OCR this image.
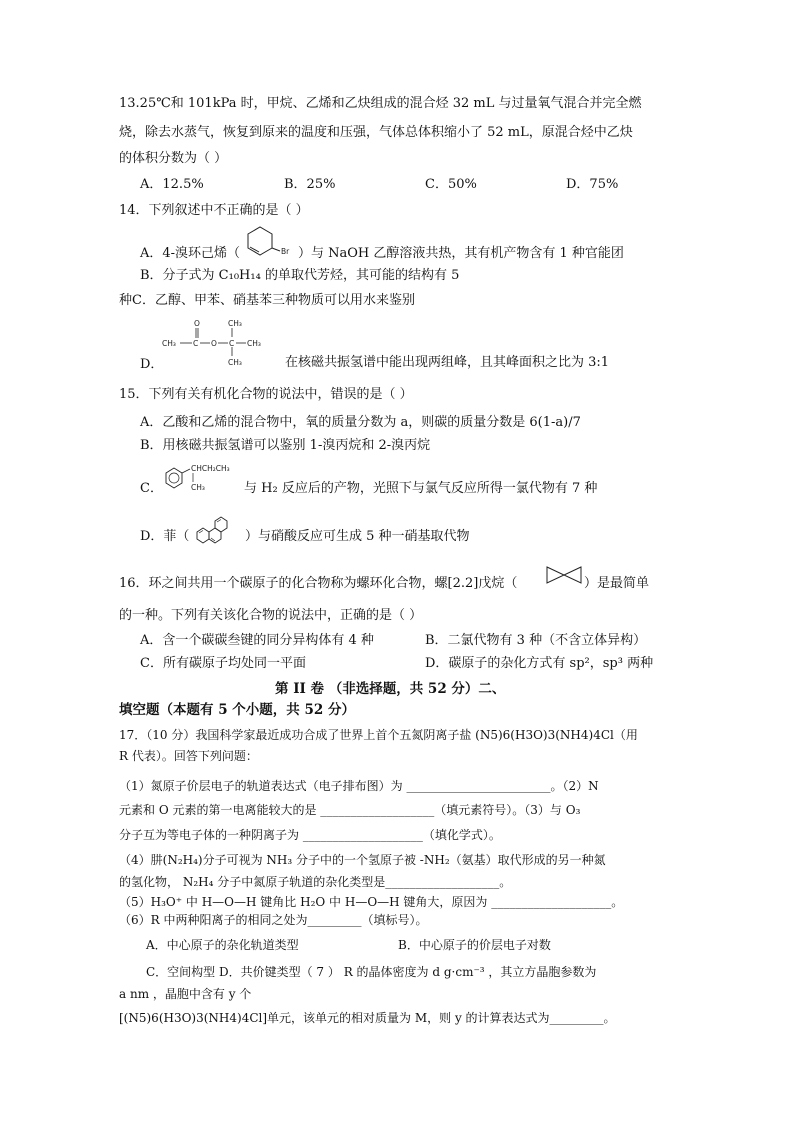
13.25℃和 101kPa 时，甲烷、乙烯和乙炔组成的混合烃 32 mL 与过量氧气混合并完全燃
烧，除去水蒸气，恢复到原来的温度和压强，气体总体积缩小了 52 mL，原混合烃中乙炔
的体积分数为（ ）
A．12.5%	B．25%	C．50%	D．75%
14．下列叙述中不正确的是（ ）
A．4-溴环己烯（	Br ）与 NaOH 乙醇溶液共热，其有机产物含有 1 种官能团
B．分子式为 C₁₀H₁₄ 的单取代芳烃，其可能的结构有 5
种C．乙醇、甲苯、硝基苯三种物质可以用水来鉴别
CH₃ C
O
O C
CH₃
CH₃
CH₃
D．	在核磁共振氢谱中能出现两组峰，且其峰面积之比为 3:1
15．下列有关有机化合物的说法中，错误的是（ ）
A．乙酸和乙烯的混合物中，氧的质量分数为 a，则碳的质量分数是 6(1-a)/7
B．用核磁共振氢谱可以鉴别 1-溴丙烷和 2-溴丙烷
C．
CHCH₂CH₃
CH₃	与 H₂ 反应后的产物，光照下与氯气反应所得一氯代物有 7 种
D．菲（	）与硝酸反应可生成 5 种一硝基取代物
16．环之间共用一个碳原子的化合物称为螺环化合物，螺[2.2]戊烷（	）是最简单
的一种。下列有关该化合物的说法中，正确的是（ ）
A．含一个碳碳叁键的同分异构体有 4 种	B．二氯代物有 3 种（不含立体异构）
C．所有碳原子均处同一平面	D．碳原子的杂化方式有 sp²，sp³ 两种
第 II 卷 （非选择题，共 52 分）二、
填空题（本题有 5 个小题，共 52 分）
17．（10 分）我国科学家最近成功合成了世界上首个五氮阴离子盐 (N5)6(H3O)3(NH4)4Cl（用
R 代表）。回答下列问题：
（1）氮原子价层电子的轨道表达式（电子排布图）为 ________________________。（2）N
元素和 O 元素的第一电离能较大的是 ___________________（填元素符号）。（3）与 O₃
分子互为等电子体的一种阴离子为 ____________________（填化学式）。
（4）肼(N₂H₄)分子可视为 NH₃ 分子中的一个氢原子被 -NH₂（氨基）取代形成的另一种氮
的氢化物， N₂H₄ 分子中氮原子轨道的杂化类型是___________________。
（5）H₃O⁺ 中 H—O—H 键角比 H₂O 中 H—O—H 键角大，原因为 ____________________。
（6）R 中两种阳离子的相同之处为_________（填标号）。
A．中心原子的杂化轨道类型	B．中心原子的价层电子对数
C．空间构型 D．共价键类型（ 7 ） R 的晶体密度为 d g·cm⁻³ ，其立方晶胞参数为
a nm ，晶胞中含有 y 个
[(N5)6(H3O)3(NH4)4Cl]单元，该单元的相对质量为 M，则 y 的计算表达式为_________。
